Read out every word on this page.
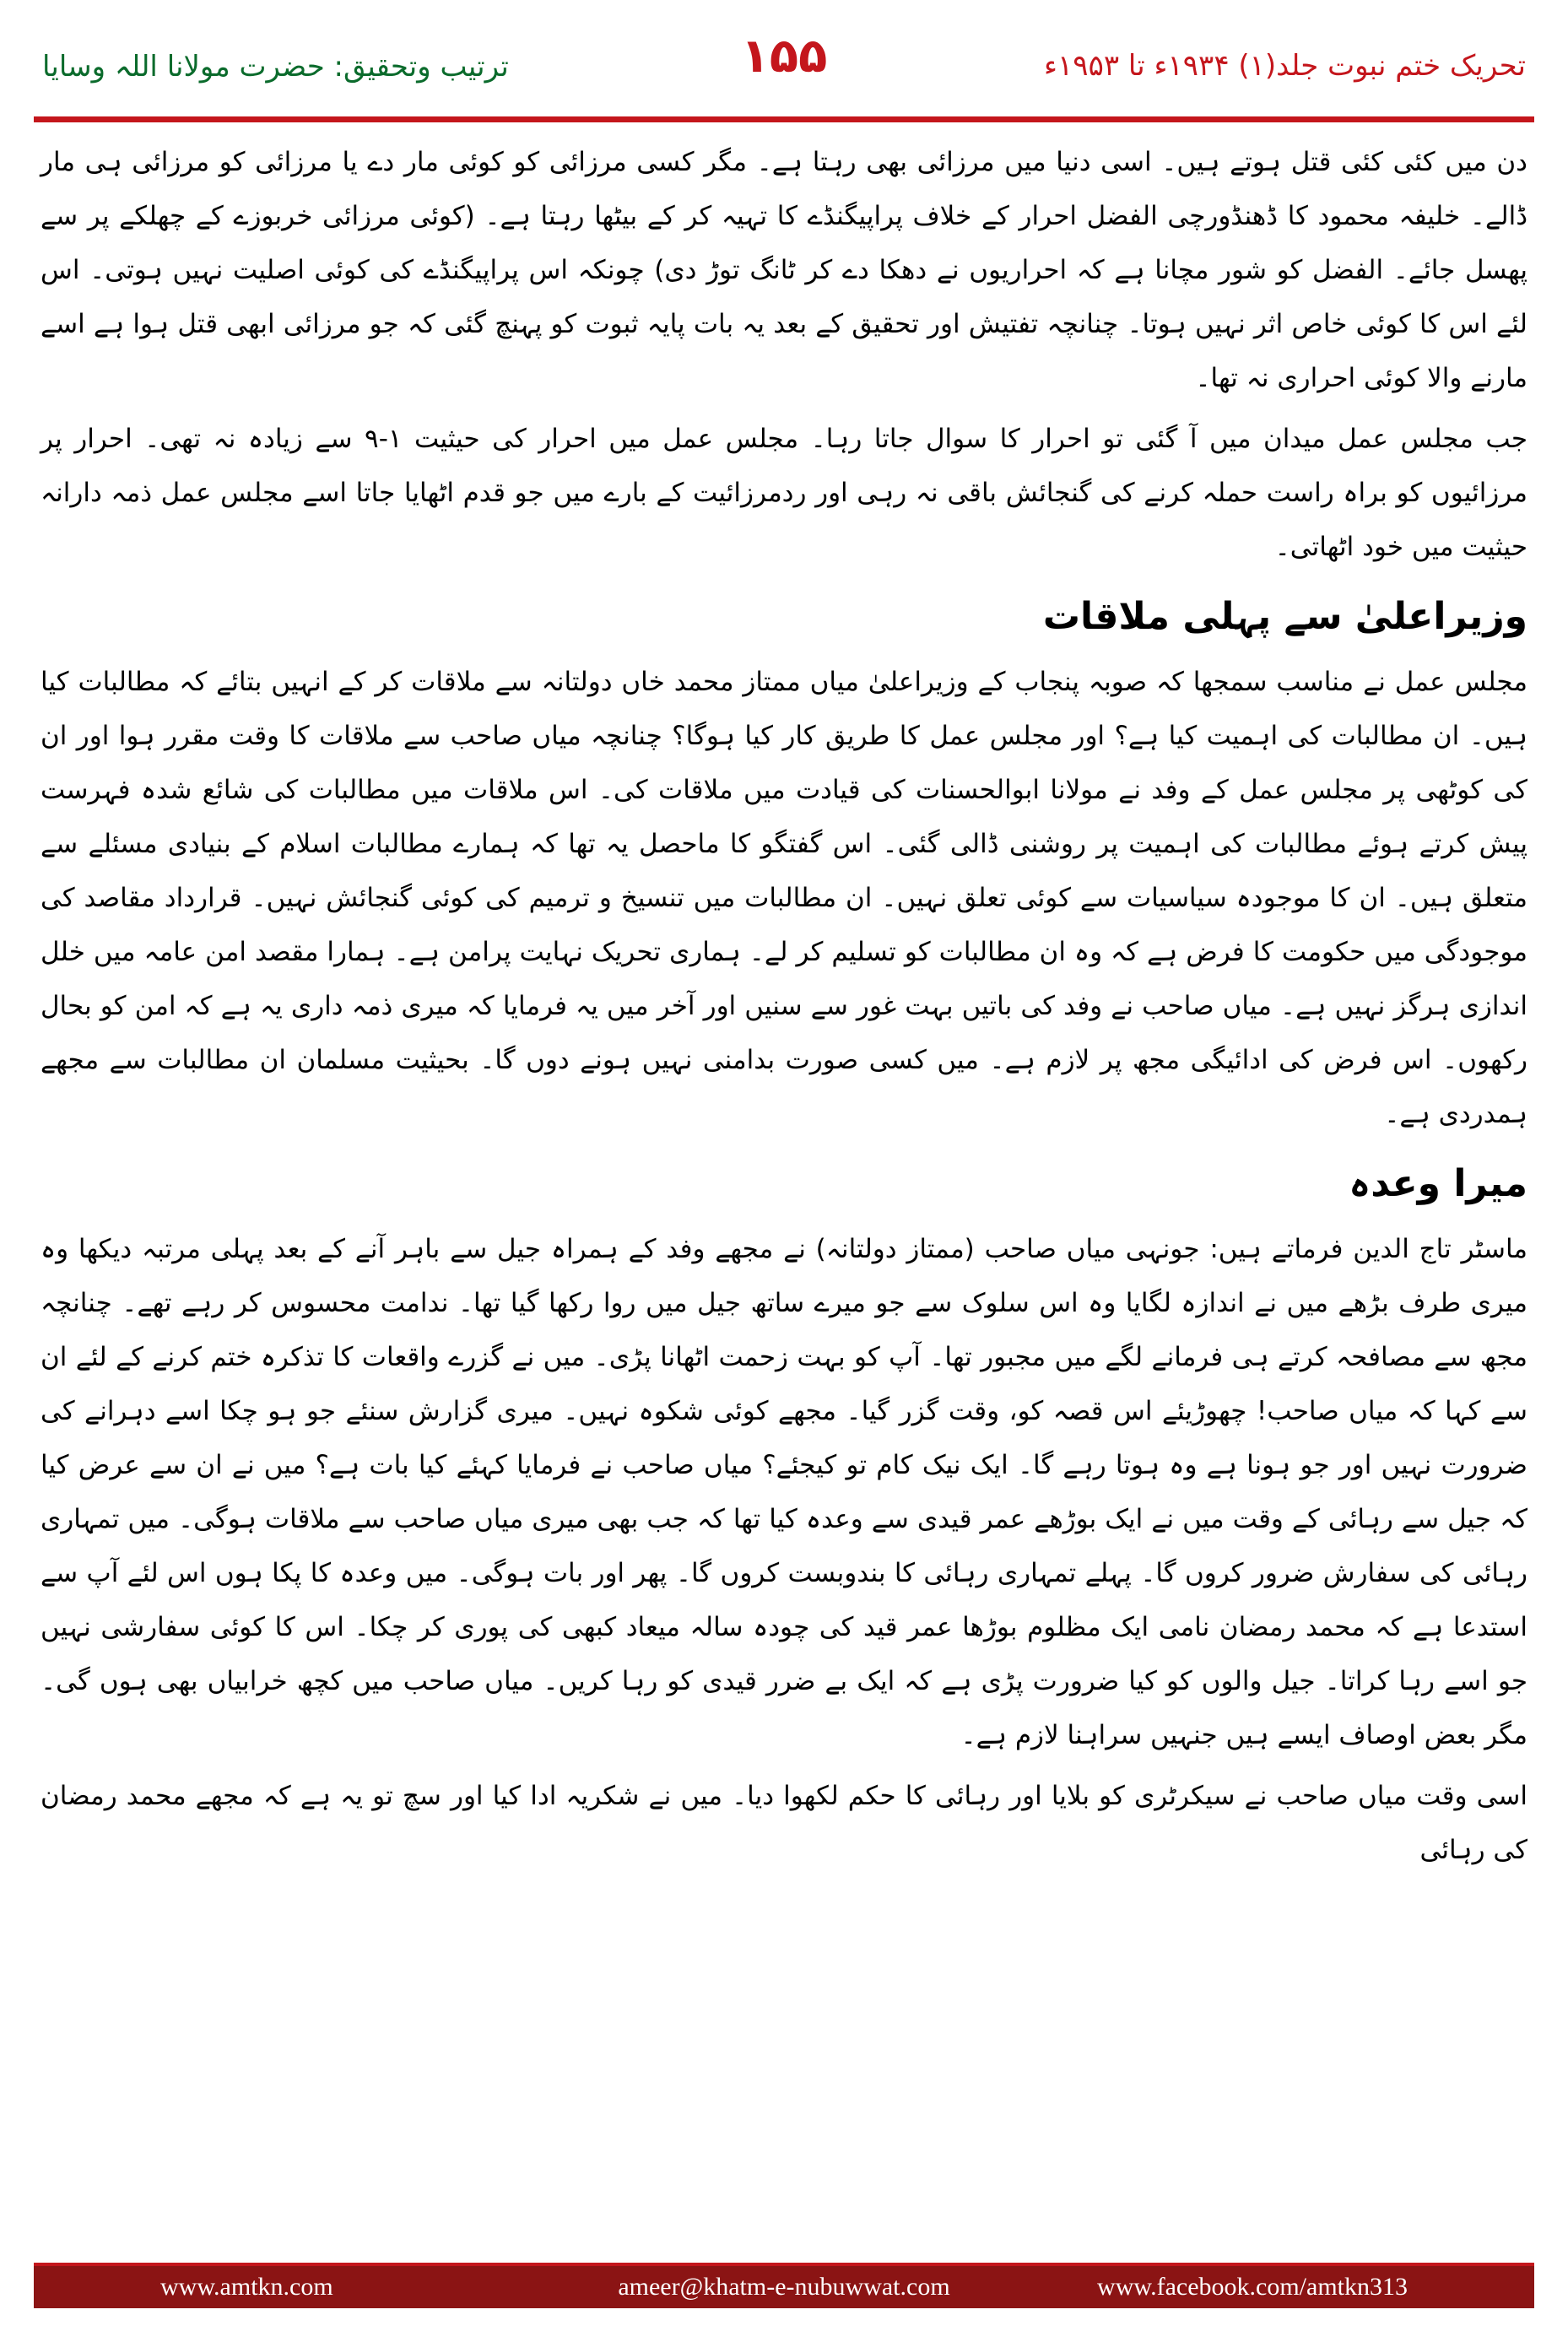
ترتیب وتحقیق: حضرت مولانا اللہ وسایا	۱۵۵	تحریک ختم نبوت جلد(۱) ۱۹۳۴ء تا ۱۹۵۳ء

دن میں کئی کئی قتل ہوتے ہیں۔ اسی دنیا میں مرزائی بھی رہتا ہے۔ مگر کسی مرزائی کو کوئی مار دے یا مرزائی کو مرزائی ہی مار ڈالے۔ خلیفہ محمود کا ڈھنڈورچی الفضل احرار کے خلاف پراپیگنڈے کا تہیہ کر کے بیٹھا رہتا ہے۔ (کوئی مرزائی خربوزے کے چھلکے پر سے پھسل جائے۔ الفضل کو شور مچانا ہے کہ احراریوں نے دھکا دے کر ٹانگ توڑ دی) چونکہ اس پراپیگنڈے کی کوئی اصلیت نہیں ہوتی۔ اس لئے اس کا کوئی خاص اثر نہیں ہوتا۔ چنانچہ تفتیش اور تحقیق کے بعد یہ بات پایہ ثبوت کو پہنچ گئی کہ جو مرزائی ابھی قتل ہوا ہے اسے مارنے والا کوئی احراری نہ تھا۔

جب مجلس عمل میدان میں آ گئی تو احرار کا سوال جاتا رہا۔ مجلس عمل میں احرار کی حیثیت ۱-۹ سے زیادہ نہ تھی۔ احرار پر مرزائیوں کو براہ راست حملہ کرنے کی گنجائش باقی نہ رہی اور ردمرزائیت کے بارے میں جو قدم اٹھایا جاتا اسے مجلس عمل ذمہ دارانہ حیثیت میں خود اٹھاتی۔

وزیراعلیٰ سے پہلی ملاقات

مجلس عمل نے مناسب سمجھا کہ صوبہ پنجاب کے وزیراعلیٰ میاں ممتاز محمد خاں دولتانہ سے ملاقات کر کے انہیں بتائے کہ مطالبات کیا ہیں۔ ان مطالبات کی اہمیت کیا ہے؟ اور مجلس عمل کا طریق کار کیا ہوگا؟ چنانچہ میاں صاحب سے ملاقات کا وقت مقرر ہوا اور ان کی کوٹھی پر مجلس عمل کے وفد نے مولانا ابوالحسنات کی قیادت میں ملاقات کی۔ اس ملاقات میں مطالبات کی شائع شدہ فہرست پیش کرتے ہوئے مطالبات کی اہمیت پر روشنی ڈالی گئی۔ اس گفتگو کا ماحصل یہ تھا کہ ہمارے مطالبات اسلام کے بنیادی مسئلے سے متعلق ہیں۔ ان کا موجودہ سیاسیات سے کوئی تعلق نہیں۔ ان مطالبات میں تنسیخ و ترمیم کی کوئی گنجائش نہیں۔ قرارداد مقاصد کی موجودگی میں حکومت کا فرض ہے کہ وہ ان مطالبات کو تسلیم کر لے۔ ہماری تحریک نہایت پرامن ہے۔ ہمارا مقصد امن عامہ میں خلل اندازی ہرگز نہیں ہے۔ میاں صاحب نے وفد کی باتیں بہت غور سے سنیں اور آخر میں یہ فرمایا کہ میری ذمہ داری یہ ہے کہ امن کو بحال رکھوں۔ اس فرض کی ادائیگی مجھ پر لازم ہے۔ میں کسی صورت بدامنی نہیں ہونے دوں گا۔ بحیثیت مسلمان ان مطالبات سے مجھے ہمدردی ہے۔

میرا وعدہ

ماسٹر تاج الدین فرماتے ہیں: جونہی میاں صاحب (ممتاز دولتانہ) نے مجھے وفد کے ہمراہ جیل سے باہر آنے کے بعد پہلی مرتبہ دیکھا وہ میری طرف بڑھے میں نے اندازہ لگایا وہ اس سلوک سے جو میرے ساتھ جیل میں روا رکھا گیا تھا۔ ندامت محسوس کر رہے تھے۔ چنانچہ مجھ سے مصافحہ کرتے ہی فرمانے لگے میں مجبور تھا۔ آپ کو بہت زحمت اٹھانا پڑی۔ میں نے گزرے واقعات کا تذکرہ ختم کرنے کے لئے ان سے کہا کہ میاں صاحب! چھوڑیئے اس قصہ کو، وقت گزر گیا۔ مجھے کوئی شکوہ نہیں۔ میری گزارش سنئے جو ہو چکا اسے دہرانے کی ضرورت نہیں اور جو ہونا ہے وہ ہوتا رہے گا۔ ایک نیک کام تو کیجئے؟ میاں صاحب نے فرمایا کہئے کیا بات ہے؟ میں نے ان سے عرض کیا کہ جیل سے رہائی کے وقت میں نے ایک بوڑھے عمر قیدی سے وعدہ کیا تھا کہ جب بھی میری میاں صاحب سے ملاقات ہوگی۔ میں تمہاری رہائی کی سفارش ضرور کروں گا۔ پہلے تمہاری رہائی کا بندوبست کروں گا۔ پھر اور بات ہوگی۔ میں وعدہ کا پکا ہوں اس لئے آپ سے استدعا ہے کہ محمد رمضان نامی ایک مظلوم بوڑھا عمر قید کی چودہ سالہ میعاد کبھی کی پوری کر چکا۔ اس کا کوئی سفارشی نہیں جو اسے رہا کراتا۔ جیل والوں کو کیا ضرورت پڑی ہے کہ ایک بے ضرر قیدی کو رہا کریں۔ میاں صاحب میں کچھ خرابیاں بھی ہوں گی۔ مگر بعض اوصاف ایسے ہیں جنہیں سراہنا لازم ہے۔

اسی وقت میاں صاحب نے سیکرٹری کو بلایا اور رہائی کا حکم لکھوا دیا۔ میں نے شکریہ ادا کیا اور سچ تو یہ ہے کہ مجھے محمد رمضان کی رہائی

www.amtkn.com	ameer@khatm-e-nubuwwat.com	www.facebook.com/amtkn313
